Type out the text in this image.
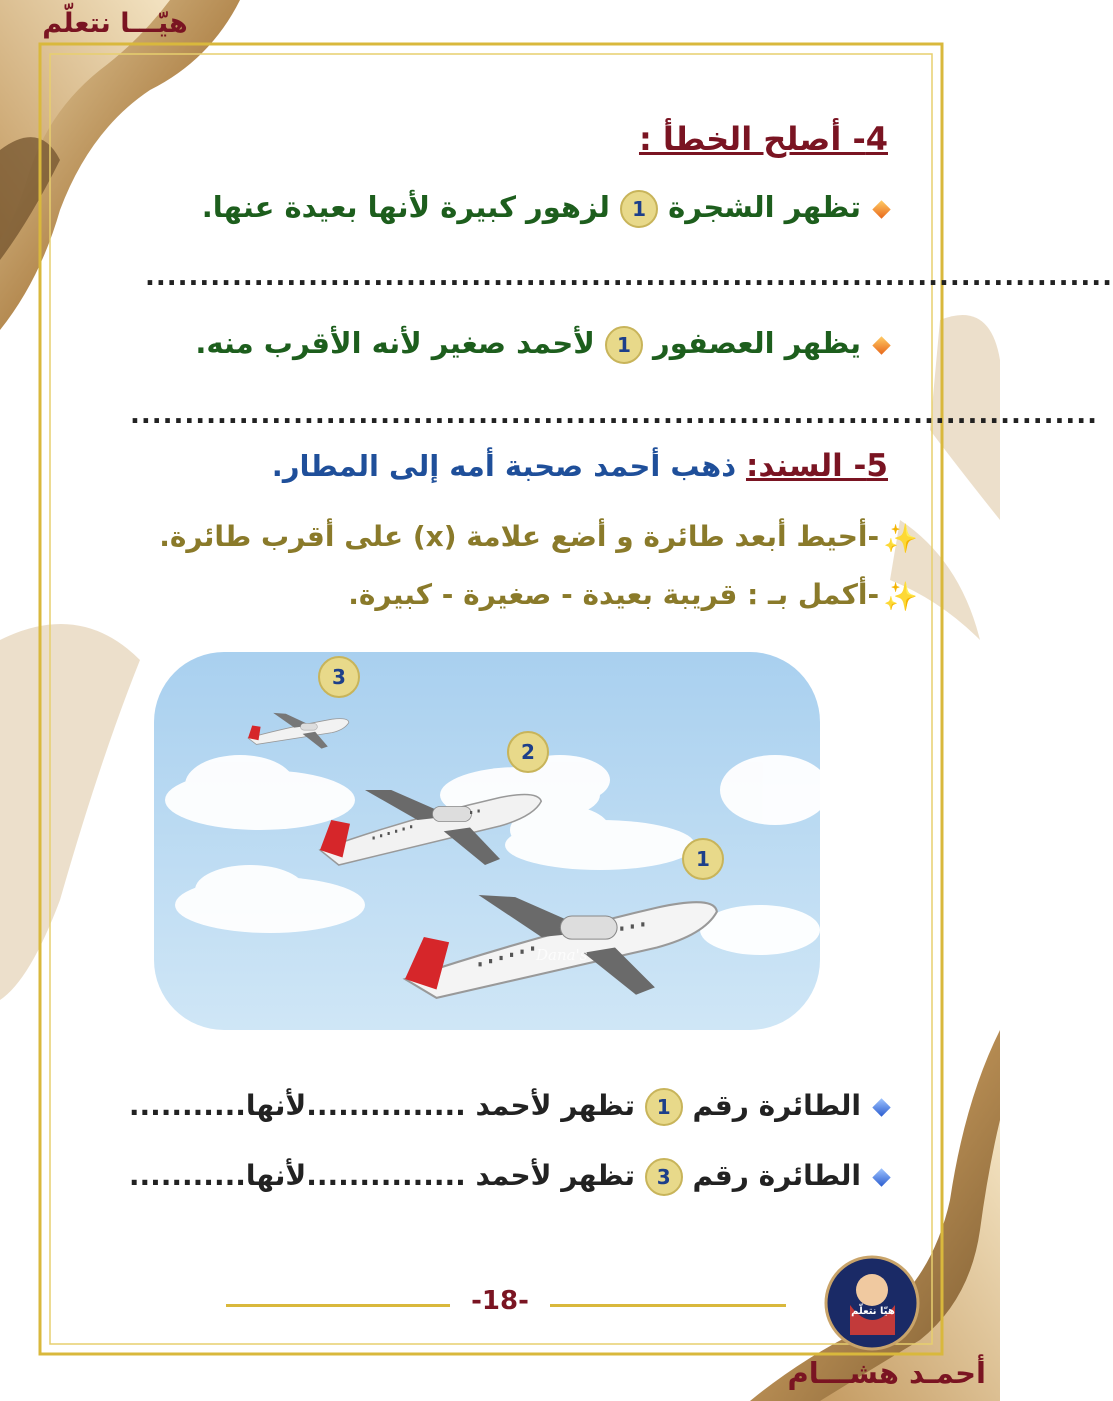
هيّـــا نتعلّم
4- أصلح الخطأ :
تظهر الشجرة 1 لزهور كبيرة لأنها بعيدة عنها.
.........................................................................................
يظهر العصفور 1 لأحمد صغير لأنه الأقرب منه.
.........................................................................................
5- السند: ذهب أحمد صحبة أمه إلى المطار.
✨-أحيط أبعد طائرة و أضع علامة (x) على أقرب طائرة.
✨-أكمل بـ : قريبة بعيدة - صغيرة - كبيرة.
3
2
1
Dana's
الطائرة رقم 1 تظهر لأحمد ...............لأنها...........
الطائرة رقم 3 تظهر لأحمد ...............لأنها...........
-18-	هيّا نتعلّم
أحمـد هشـــام
